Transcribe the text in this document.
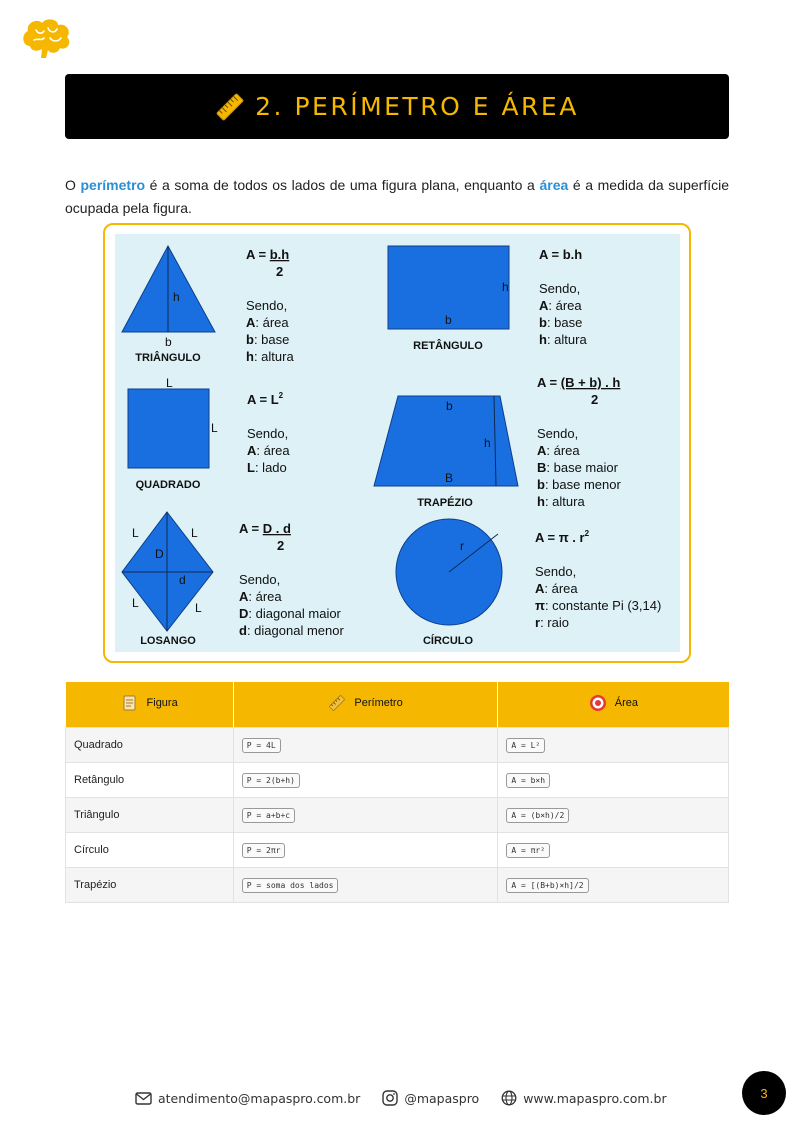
2. PERÍMETRO E ÁREA

O perímetro é a soma de todos os lados de uma figura plana, enquanto a área é a medida da superfície ocupada pela figura.

h
b
h
b
L
L
b
h
B
L	L
D
d
L	L
r
TRIÂNGULO
RETÂNGULO
QUADRADO
TRAPÉZIO
LOSANGO	CÍRCULO
A = b.h
2
Sendo,
A: área
b: base
h: altura
A = b.h
Sendo,
A: área
b: base
h: altura
$A = L^2$
Sendo,
A: área
L: lado
A = (B + b) . h
2
Sendo,
A: área
B: base maior
b: base menor
h: altura
A = D . d
2
Sendo,
A: área
D: diagonal maior
d: diagonal menor
A = π . $r^2$
Sendo,
A: área
π: constante Pi (3,14)
r: raio
Figura	Perímetro	Área

Quadrado	P = 4L	A = L²
Retângulo	P = 2(b+h)	A = b×h
Triângulo	P = a+b+c	A = (b×h)/2
Círculo	P = 2πr	A = πr²
Trapézio	P = soma dos lados	A = [(B+b)×h]/2
atendimento@mapaspro.com.br	@mapaspro	www.mapaspro.com.br	3
